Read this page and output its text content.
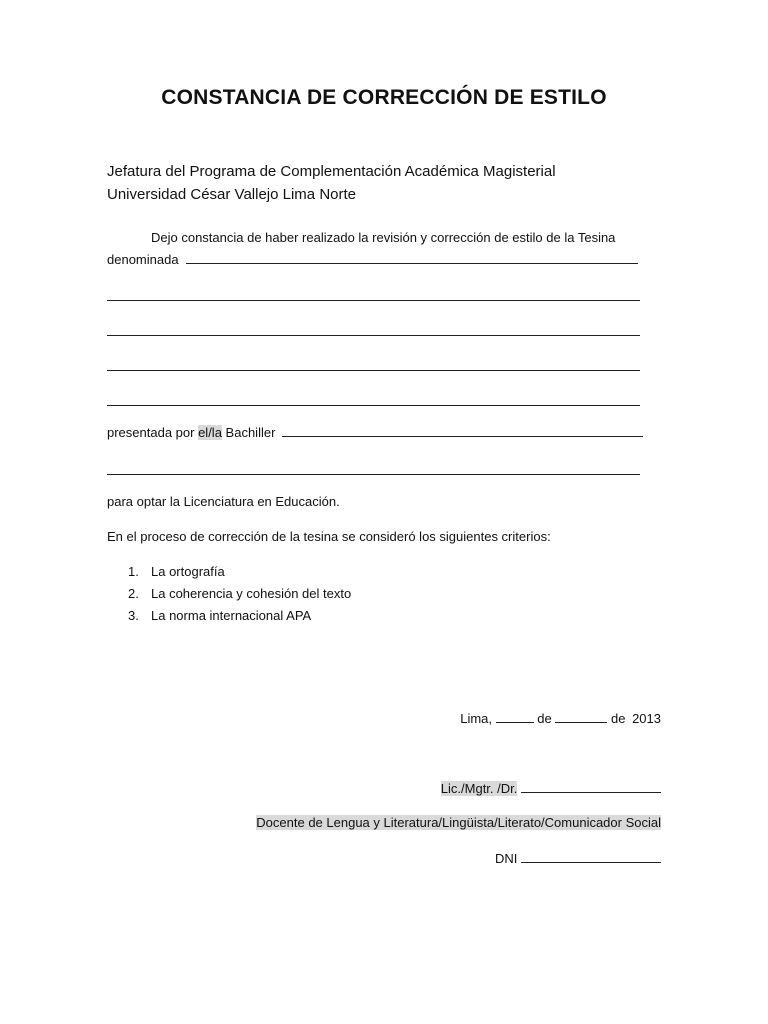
CONSTANCIA DE CORRECCIÓN DE ESTILO
Jefatura del Programa de Complementación Académica Magisterial
Universidad César Vallejo Lima Norte
Dejo constancia de haber realizado la revisión y corrección de estilo de la Tesina
denominada
presentada por el/la Bachiller
para optar la Licenciatura en Educación.
En el proceso de corrección de la tesina se consideró los siguientes criterios:
1. La ortografía
2. La coherencia y cohesión del texto
3. La norma internacional APA
Lima,	de	de 2013
Lic./Mgtr. /Dr.
Docente de Lengua y Literatura/Lingüista/Literato/Comunicador Social
DNI
